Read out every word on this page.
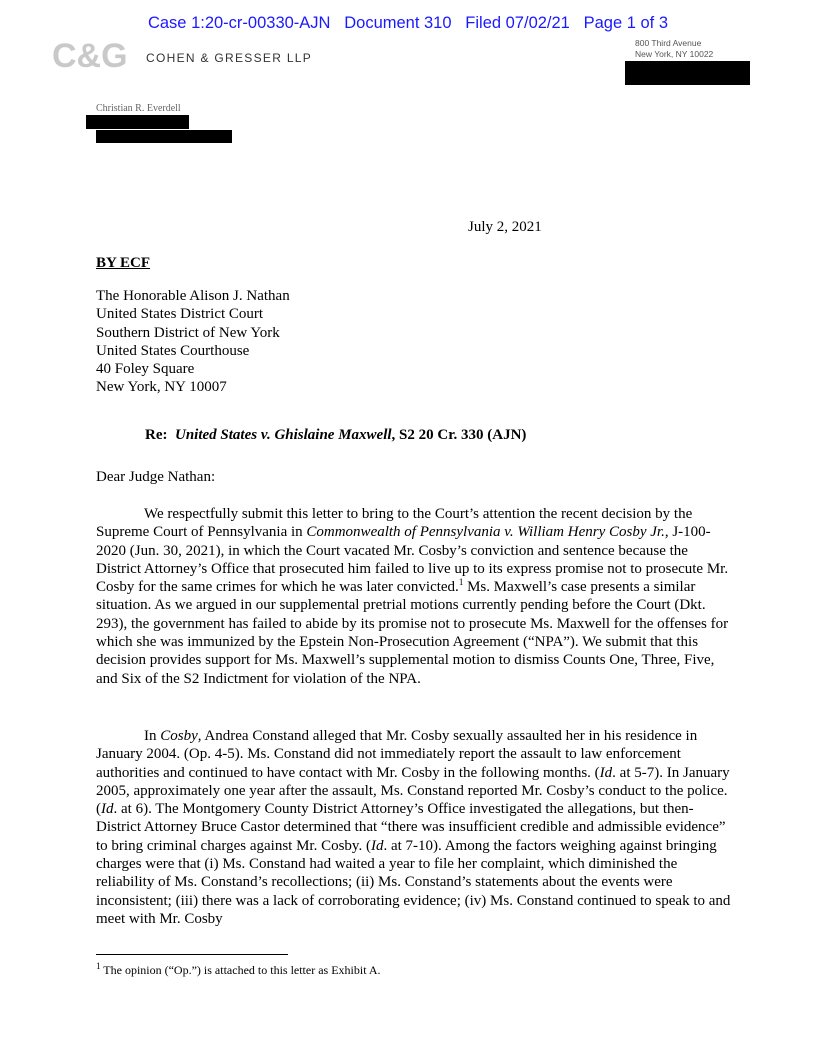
Case 1:20-cr-00330-AJN   Document 310   Filed 07/02/21   Page 1 of 3
C&G COHEN & GRESSER LLP
800 Third Avenue
New York, NY 10022
Christian R. Everdell
July 2, 2021
BY ECF
The Honorable Alison J. Nathan
United States District Court
Southern District of New York
United States Courthouse
40 Foley Square
New York, NY 10007
Re: United States v. Ghislaine Maxwell, S2 20 Cr. 330 (AJN)
Dear Judge Nathan:

We respectfully submit this letter to bring to the Court’s attention the recent decision by the Supreme Court of Pennsylvania in Commonwealth of Pennsylvania v. William Henry Cosby Jr., J-100-2020 (Jun. 30, 2021), in which the Court vacated Mr. Cosby’s conviction and sentence because the District Attorney’s Office that prosecuted him failed to live up to its express promise not to prosecute Mr. Cosby for the same crimes for which he was later convicted.$^1$ Ms. Maxwell’s case presents a similar situation. As we argued in our supplemental pretrial motions currently pending before the Court (Dkt. 293), the government has failed to abide by its promise not to prosecute Ms. Maxwell for the offenses for which she was immunized by the Epstein Non-Prosecution Agreement (“NPA”). We submit that this decision provides support for Ms. Maxwell’s supplemental motion to dismiss Counts One, Three, Five, and Six of the S2 Indictment for violation of the NPA.

In Cosby, Andrea Constand alleged that Mr. Cosby sexually assaulted her in his residence in January 2004. (Op. 4-5). Ms. Constand did not immediately report the assault to law enforcement authorities and continued to have contact with Mr. Cosby in the following months. (Id. at 5-7). In January 2005, approximately one year after the assault, Ms. Constand reported Mr. Cosby’s conduct to the police. (Id. at 6). The Montgomery County District Attorney’s Office investigated the allegations, but then-District Attorney Bruce Castor determined that “there was insufficient credible and admissible evidence” to bring criminal charges against Mr. Cosby. (Id. at 7-10). Among the factors weighing against bringing charges were that (i) Ms. Constand had waited a year to file her complaint, which diminished the reliability of Ms. Constand’s recollections; (ii) Ms. Constand’s statements about the events were inconsistent; (iii) there was a lack of corroborating evidence; (iv) Ms. Constand continued to speak to and meet with Mr. Cosby

$^1$ The opinion (“Op.”) is attached to this letter as Exhibit A.
